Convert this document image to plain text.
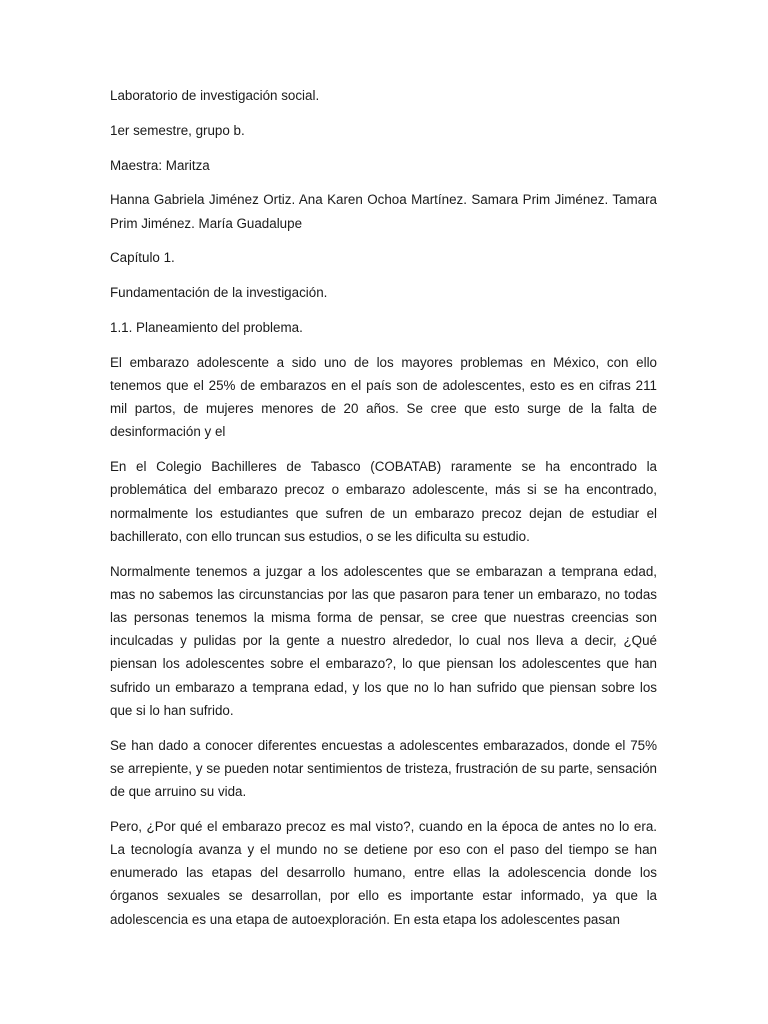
Laboratorio de investigación social.

1er semestre, grupo b.

Maestra: Maritza

Hanna Gabriela Jiménez Ortiz. Ana Karen Ochoa Martínez. Samara Prim Jiménez. Tamara Prim Jiménez. María Guadalupe

Capítulo 1.

Fundamentación de la investigación.

1.1. Planeamiento del problema.

El embarazo adolescente a sido uno de los mayores problemas en México, con ello tenemos que el 25% de embarazos en el país son de adolescentes, esto es en cifras 211 mil partos, de mujeres menores de 20 años. Se cree que esto surge de la falta de desinformación y el

En el Colegio Bachilleres de Tabasco (COBATAB) raramente se ha encontrado la problemática del embarazo precoz o embarazo adolescente, más si se ha encontrado, normalmente los estudiantes que sufren de un embarazo precoz dejan de estudiar el bachillerato, con ello truncan sus estudios, o se les dificulta su estudio.

Normalmente tenemos a juzgar a los adolescentes que se embarazan a temprana edad, mas no sabemos las circunstancias por las que pasaron para tener un embarazo, no todas las personas tenemos la misma forma de pensar, se cree que nuestras creencias son inculcadas y pulidas por la gente a nuestro alrededor, lo cual nos lleva a decir, ¿Qué piensan los adolescentes sobre el embarazo?, lo que piensan los adolescentes que han sufrido un embarazo a temprana edad, y los que no lo han sufrido que piensan sobre los que si lo han sufrido.

Se han dado a conocer diferentes encuestas a adolescentes embarazados, donde el 75% se arrepiente, y se pueden notar sentimientos de tristeza, frustración de su parte, sensación de que arruino su vida.

Pero, ¿Por qué el embarazo precoz es mal visto?, cuando en la época de antes no lo era. La tecnología avanza y el mundo no se detiene por eso con el paso del tiempo se han enumerado las etapas del desarrollo humano, entre ellas la adolescencia donde los órganos sexuales se desarrollan, por ello es importante estar informado, ya que la adolescencia es una etapa de autoexploración. En esta etapa los adolescentes pasan
